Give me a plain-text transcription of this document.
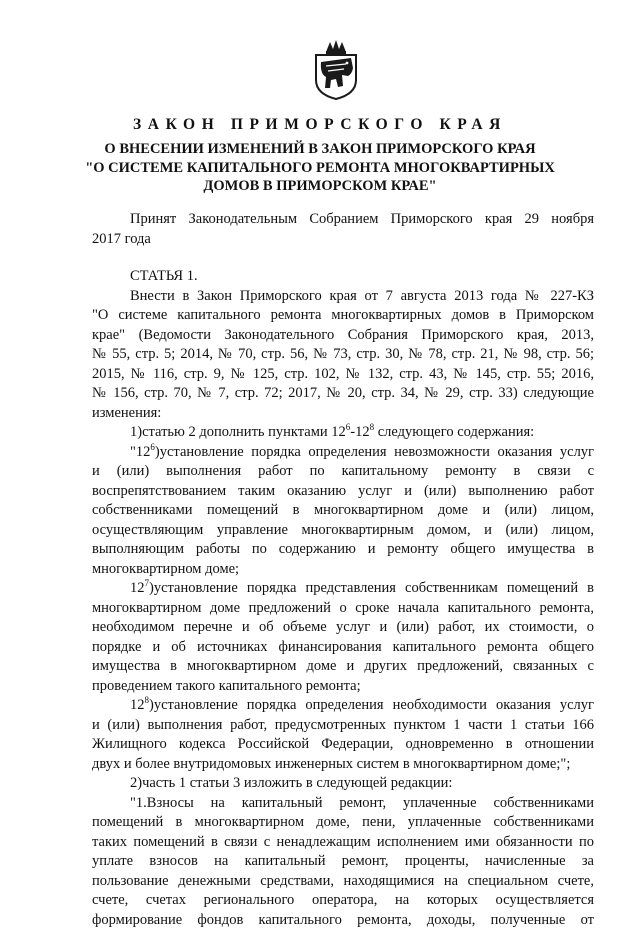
ЗАКОН ПРИМОРСКОГО КРАЯ
О ВНЕСЕНИИ ИЗМЕНЕНИЙ В ЗАКОН ПРИМОРСКОГО КРАЯ
"О СИСТЕМЕ КАПИТАЛЬНОГО РЕМОНТА МНОГОКВАРТИРНЫХ
ДОМОВ В ПРИМОРСКОМ КРАЕ"
Принят Законодательным Собранием Приморского края 29 ноября
2017 года
СТАТЬЯ 1.
Внести в Закон Приморского края от 7 августа 2013 года № 227-КЗ
"О системе капитального ремонта многоквартирных домов в Приморском
крае" (Ведомости Законодательного Собрания Приморского края, 2013,
№ 55, стр. 5; 2014, № 70, стр. 56, № 73, стр. 30, № 78, стр. 21, № 98, стр. 56;
2015, № 116, стр. 9, № 125, стр. 102, № 132, стр. 43, № 145, стр. 55; 2016,
№ 156, стр. 70, № 7, стр. 72; 2017, № 20, стр. 34, № 29, стр. 33) следующие
изменения:
1)статью 2 дополнить пунктами $12^6-12^8$ следующего содержания:
"$12^6)установление$ порядка определения невозможности оказания услуг
и (или) выполнения работ по капитальному ремонту в связи с
воспрепятствованием таким оказанию услуг и (или) выполнению работ
собственниками помещений в многоквартирном доме и (или) лицом,
осуществляющим управление многоквартирным домом, и (или) лицом,
выполняющим работы по содержанию и ремонту общего имущества в
многоквартирном доме;
$12^7)установление$ порядка представления собственникам помещений в
многоквартирном доме предложений о сроке начала капитального ремонта,
необходимом перечне и об объеме услуг и (или) работ, их стоимости, о
порядке и об источниках финансирования капитального ремонта общего
имущества в многоквартирном доме и других предложений, связанных с
проведением такого капитального ремонта;
$12^8)установление$ порядка определения необходимости оказания услуг
и (или) выполнения работ, предусмотренных пунктом 1 части 1 статьи 166
Жилищного кодекса Российской Федерации, одновременно в отношении
двух и более внутридомовых инженерных систем в многоквартирном доме;";
2)часть 1 статьи 3 изложить в следующей редакции:
"1.Взносы на капитальный ремонт, уплаченные собственниками
помещений в многоквартирном доме, пени, уплаченные собственниками
таких помещений в связи с ненадлежащим исполнением ими обязанности по
уплате взносов на капитальный ремонт, проценты, начисленные за
пользование денежными средствами, находящимися на специальном счете,
счете, счетах регионального оператора, на которых осуществляется
формирование фондов капитального ремонта, доходы, полученные от
